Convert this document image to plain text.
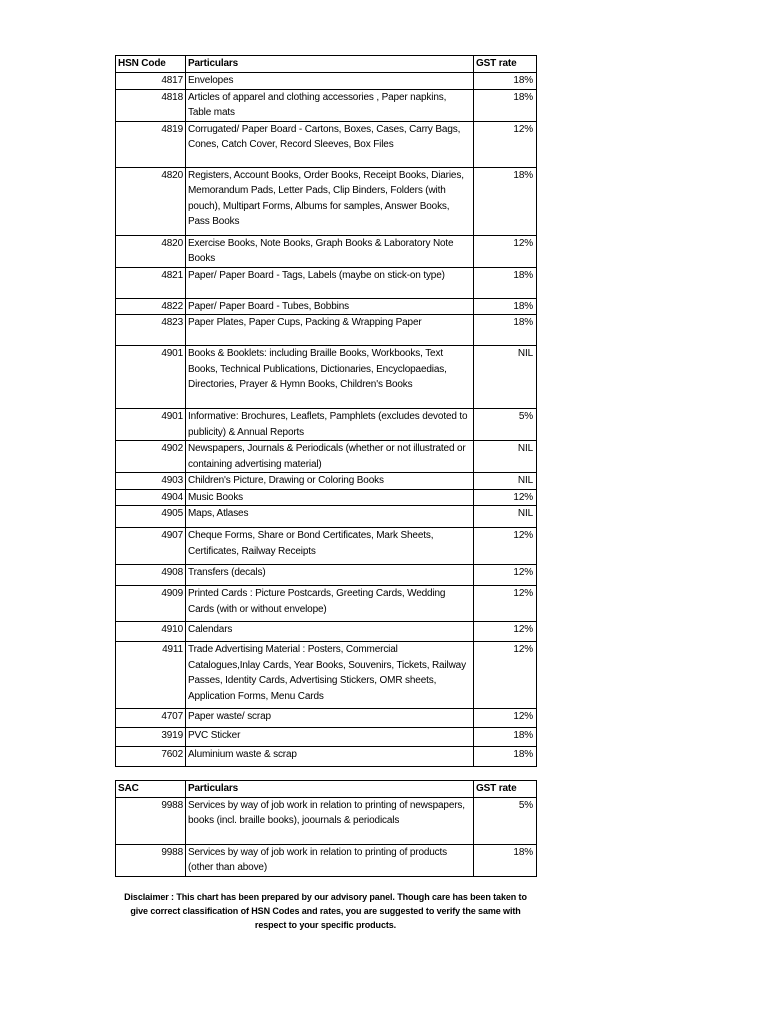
HSN Code	Particulars	GST rate
4817	Envelopes	18%
4818	Articles of apparel and clothing accessories , Paper napkins, Table mats	18%
4819	Corrugated/ Paper Board - Cartons, Boxes, Cases, Carry Bags, Cones, Catch Cover, Record Sleeves, Box Files	12%
4820	Registers, Account Books, Order Books, Receipt Books, Diaries, Memorandum Pads, Letter Pads, Clip Binders, Folders (with pouch), Multipart Forms, Albums for samples, Answer Books, Pass Books	18%
4820	Exercise Books, Note Books, Graph Books & Laboratory Note Books	12%
4821	Paper/ Paper Board - Tags, Labels (maybe on stick-on type)	18%
4822	Paper/ Paper Board - Tubes, Bobbins	18%
4823	Paper Plates, Paper Cups, Packing & Wrapping Paper	18%
4901	Books & Booklets: including Braille Books, Workbooks, Text Books, Technical Publications, Dictionaries, Encyclopaedias, Directories, Prayer & Hymn Books, Children's Books	NIL
4901	Informative: Brochures, Leaflets, Pamphlets (excludes devoted to publicity) & Annual Reports	5%
4902	Newspapers, Journals & Periodicals (whether or not illustrated or containing advertising material)	NIL
4903	Children's Picture, Drawing or Coloring Books	NIL
4904	Music Books	12%
4905	Maps, Atlases	NIL
4907	Cheque Forms, Share or Bond Certificates, Mark Sheets, Certificates, Railway Receipts	12%
4908	Transfers (decals)	12%
4909	Printed Cards : Picture Postcards, Greeting Cards, Wedding Cards (with or without envelope)	12%
4910	Calendars	12%
4911	Trade Advertising Material : Posters, Commercial Catalogues,Inlay Cards, Year Books, Souvenirs, Tickets, Railway Passes, Identity Cards, Advertising Stickers, OMR sheets, Application Forms, Menu Cards	12%
4707	Paper waste/ scrap	12%
3919	PVC Sticker	18%
7602	Aluminium waste & scrap	18%
SAC	Particulars	GST rate
9988	Services by way of job work in relation to printing of newspapers, books (incl. braille books), joournals & periodicals	5%
9988	Services by way of job work in relation to printing of products (other than above)	18%
Disclaimer : This chart has been prepared by our advisory panel. Though care has been taken to give correct classification of HSN Codes and rates, you are suggested to verify the same with respect to your specific products.
